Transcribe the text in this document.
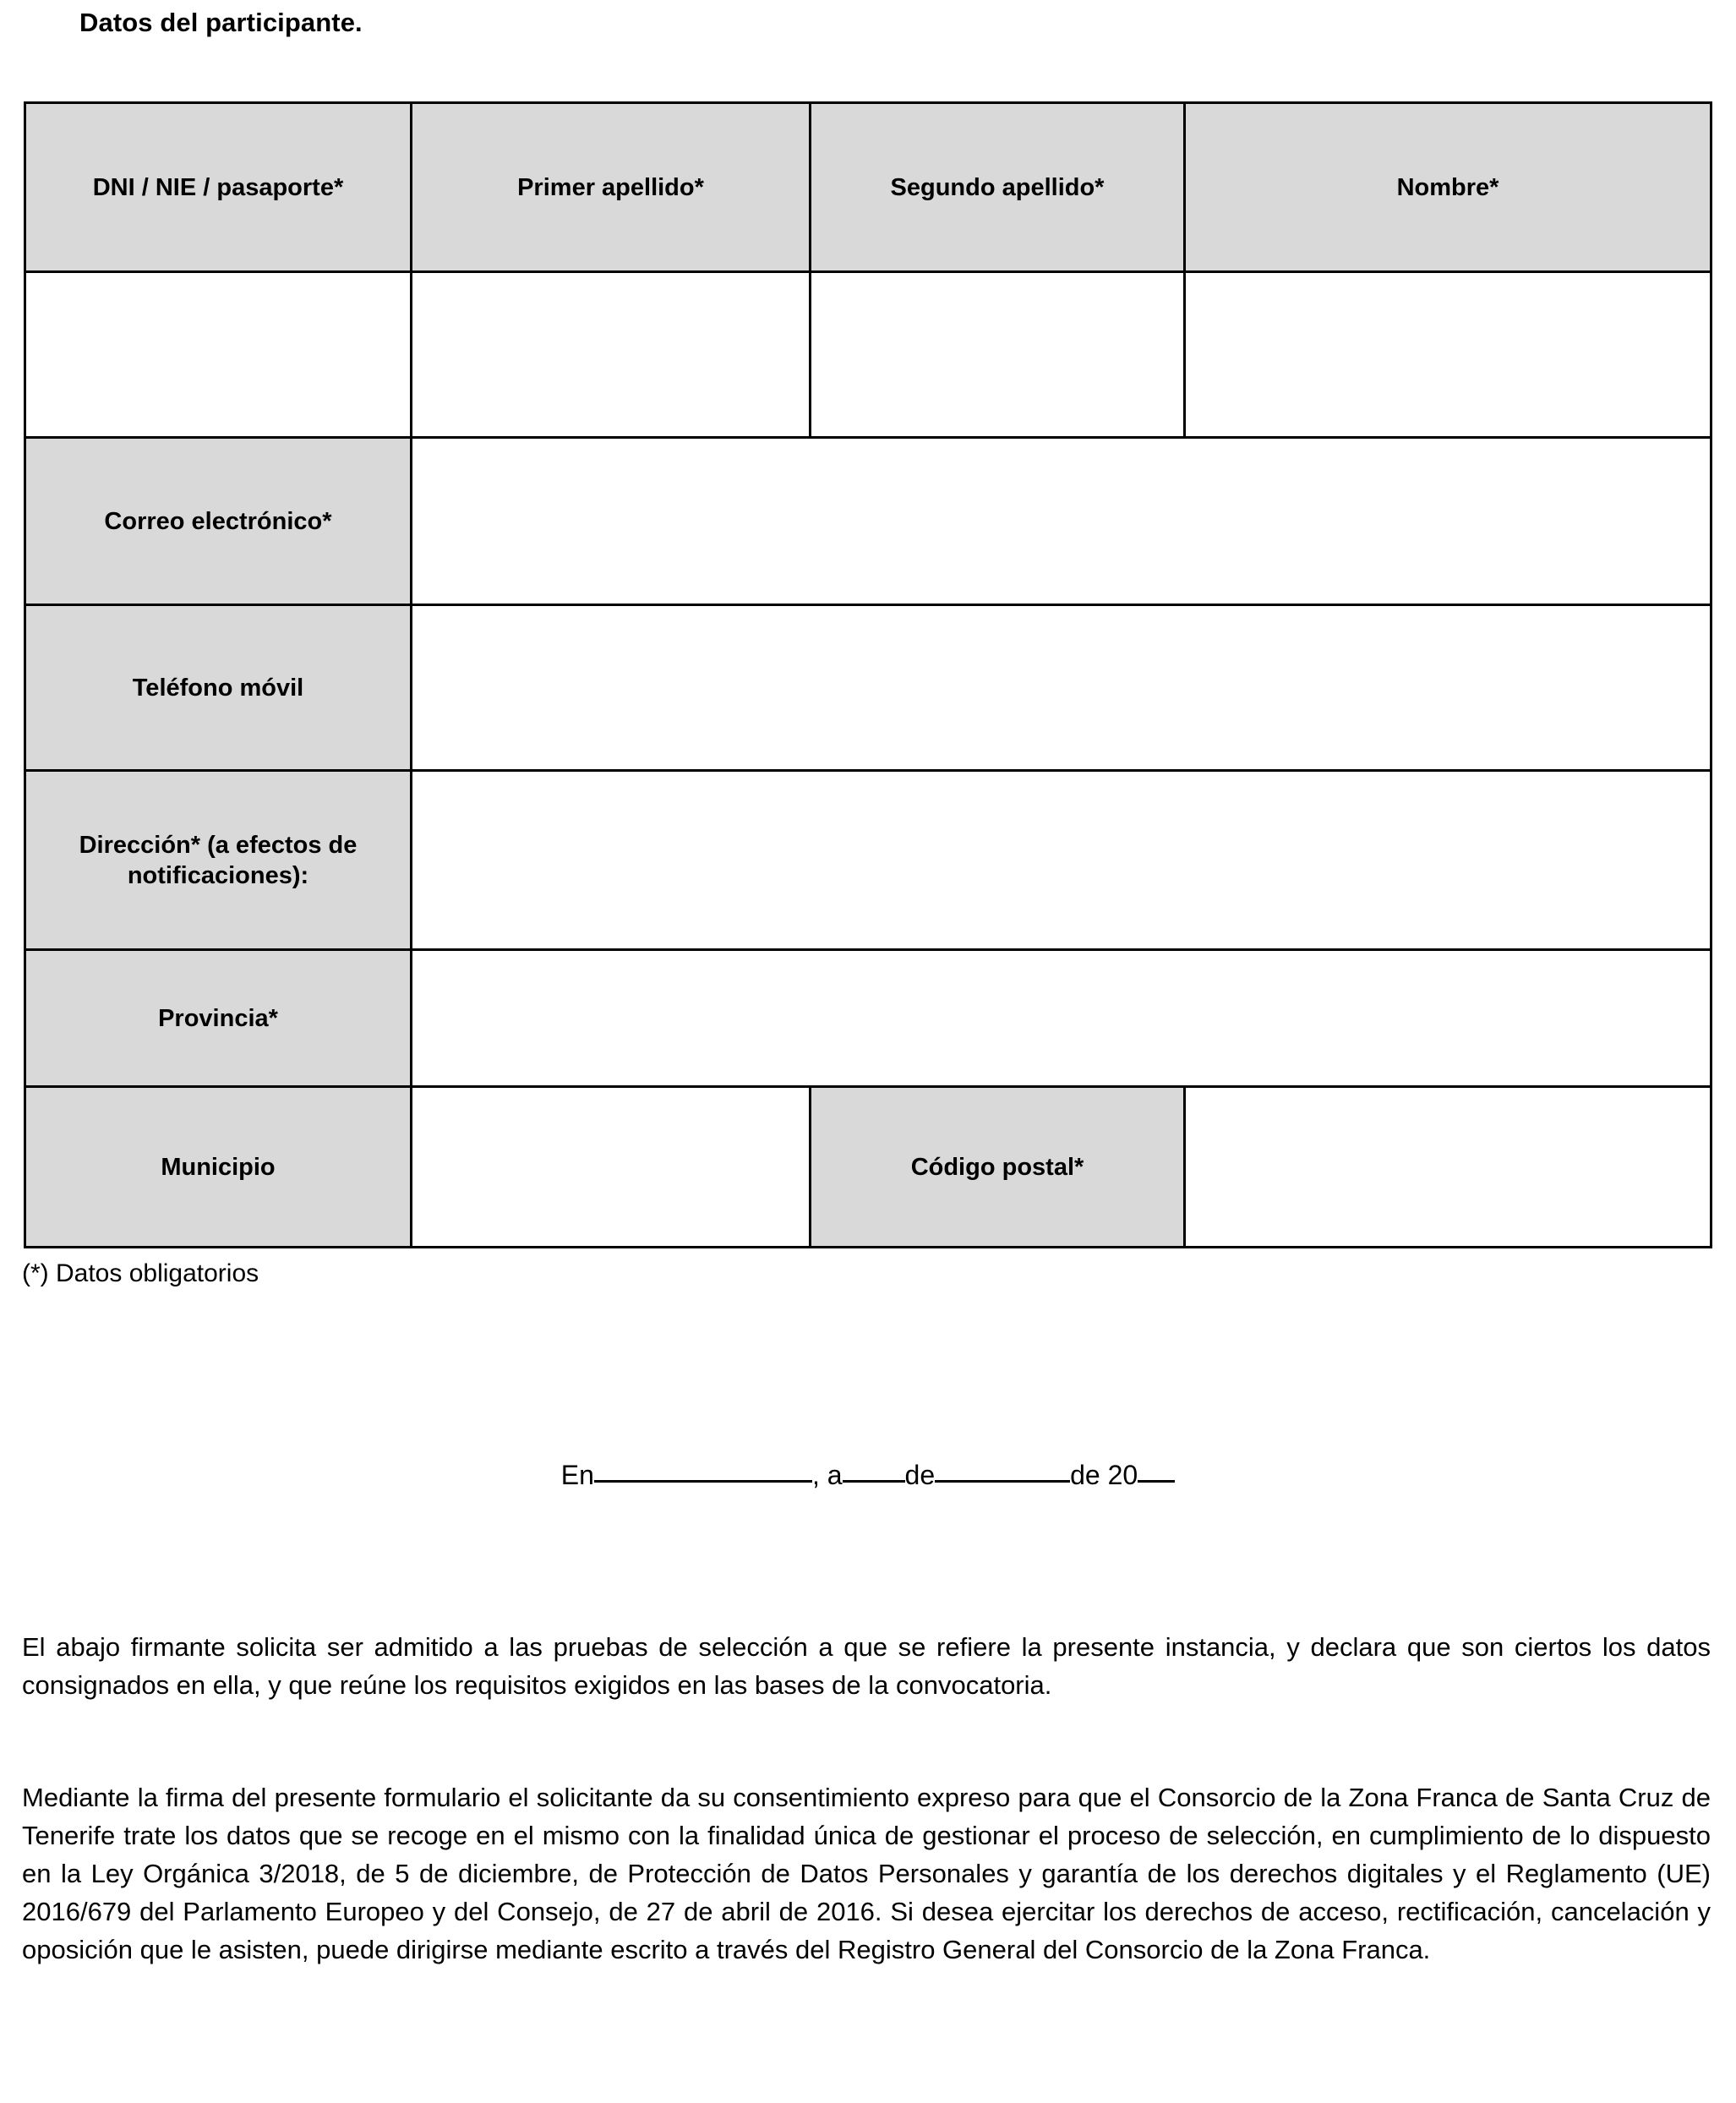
Datos del participante.
DNI / NIE / pasaporte*	Primer apellido*	Segundo apellido*	Nombre*

Correo electrónico*			
Teléfono móvil			
Dirección* (a efectos de notificaciones):			
Provincia*			
Municipio		Código postal*	
(*) Datos obligatorios
En	, a de	de 20

El abajo firmante solicita ser admitido a las pruebas de selección a que se refiere la presente instancia, y declara que son ciertos los datos consignados en ella, y que reúne los requisitos exigidos en las bases de la convocatoria.

Mediante la firma del presente formulario el solicitante da su consentimiento expreso para que el Consorcio de la Zona Franca de Santa Cruz de Tenerife trate los datos que se recoge en el mismo con la finalidad única de gestionar el proceso de selección, en cumplimiento de lo dispuesto en la Ley Orgánica 3/2018, de 5 de diciembre, de Protección de Datos Personales y garantía de los derechos digitales y el Reglamento (UE) 2016/679 del Parlamento Europeo y del Consejo, de 27 de abril de 2016. Si desea ejercitar los derechos de acceso, rectificación, cancelación y oposición que le asisten, puede dirigirse mediante escrito a través del Registro General del Consorcio de la Zona Franca.
